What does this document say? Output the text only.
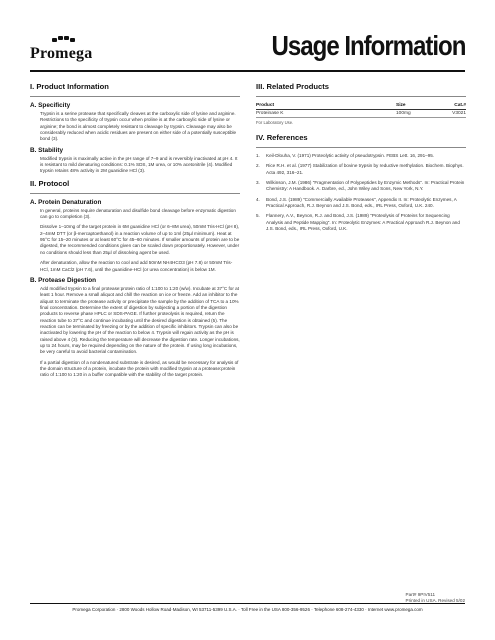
Promega	Usage Information
I. Product Information
A. Specificity

Trypsin is a serine protease that specifically cleaves at the carboxylic side of lysine and arginine. Restrictions to the specificity of trypsin occur when proline is at the carboxylic side of lysine or arginine; the bond is almost completely resistant to cleavage by trypsin. Cleavage may also be considerably reduced when acidic residues are present on either side of a potentially susceptible bond (3).

B. Stability

Modified trypsin is maximally active in the pH range of 7–9 and is reversibly inactivated at pH 4. It is resistant to mild denaturing conditions: 0.1% SDS, 1M urea, or 10% acetonitrile (4). Modified trypsin retains 48% activity in 2M guanidine HCl (3).

II. Protocol
A. Protein Denaturation

In general, proteins require denaturation and disulfide bond cleavage before enzymatic digestion can go to completion (3).

Dissolve 1–10mg of the target protein in 6M guanidine HCl (or 6–8M urea), 50mM Tris-HCl (pH 8), 2–4mM DTT (or β-mercaptoethanol) in a reaction volume of up to 1ml (25µl minimum). Heat at 95°C for 15–20 minutes or at least 60°C for 45–60 minutes. If smaller amounts of protein are to be digested, the recommended conditions given can be scaled down proportionately. However, under no conditions should less than 25µl of dissolving agent be used.

After denaturation, allow the reaction to cool and add 50mM NH4HCO3 (pH 7.8) or 50mM Tris-HCl, 1mM CaCl2 (pH 7.6), until the guanidine-HCl (or urea concentration) is below 1M.

B. Protease Digestion

Add modified trypsin to a final protease:protein ratio of 1:100 to 1:20 (w/w). Incubate at 37°C for at least 1 hour. Remove a small aliquot and chill the reaction on ice or freeze. Add an inhibitor to the aliquot to terminate the protease activity or precipitate the sample by the addition of TCA to a 10% final concentration. Determine the extent of digestion by subjecting a portion of the digestion products to reverse phase HPLC or SDS-PAGE. If further proteolysis is required, return the reaction tube to 37°C and continue incubating until the desired digestion is obtained (5). The reaction can be terminated by freezing or by the addition of specific inhibitors. Trypsin can also be inactivated by lowering the pH of the reaction to below 4. Trypsin will regain activity as the pH is raised above 4 (3). Reducing the temperature will decrease the digestion rate. Longer incubations, up to 24 hours, may be required depending on the nature of the protein. If using long incubations, be very careful to avoid bacterial contamination.

If a partial digestion of a nondenatured substrate is desired, as would be necessary for analysis of the domain structure of a protein, incubate the protein with modified trypsin at a protease:protein ratio of 1:100 to 1:20 in a buffer compatible with the stability of the target protein.

III. Related Products
Product	Size	Cat.#
Proteinase K	100mg	V3021
For Laboratory Use.
IV. References
1. Keil-Dlouha, V. (1971) Proteolytic activity of pseudotrypsin. FEBS Lett. 16, 291–95.
2. Rice R.H. et al. (1977) Stabilization of bovine trypsin by reductive methylation. Biochem. Biophys. Acta 492, 316–21.
3. Wilkinson, J.M. (1986) "Fragmentation of Polypeptides by Enzymic Methods". In: Practical Protein Chemistry: A Handbook. A. Darbre, ed., John Wiley and Sons, New York, N.Y.
4. Bond, J.S. (1989) "Commercially Available Proteases", Appendix II. In: Proteolytic Enzymes, A Practical Approach, R.J. Beynon and J.S. Bond, eds., IRL Press, Oxford, U.K. 240.
5. Flannery, A.V., Beynon, R.J. and Bond, J.S. (1989) "Proteolysis of Proteins for Sequencing Analysis and Peptide Mapping". In: Proteolytic Enzymes: A Practical Approach R.J. Beynon and J.S. Bond, eds., IRL Press, Oxford, U.K.
Part# 9PIV511
Printed in USA. Revised 5/02
Promega Corporation · 2800 Woods Hollow Road·Madison, WI 53711-5399 U.S.A. · Toll Free in the USA 800-356-9526 · Telephone 608-274-4330 · Internet www.promega.com
